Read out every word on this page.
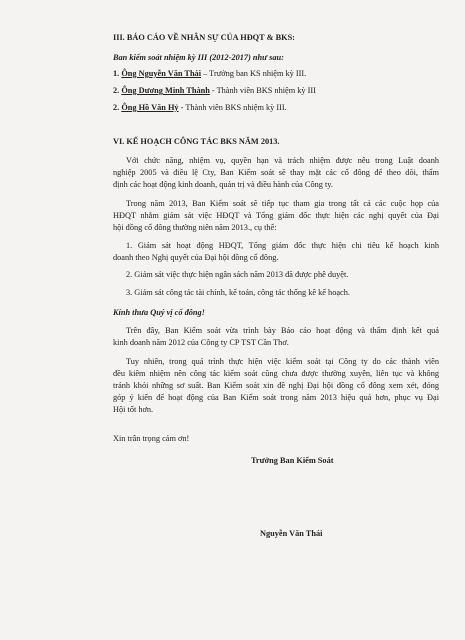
III. BÁO CÁO VỀ NHÂN SỰ CỦA HĐQT & BKS:
Ban kiểm soát nhiệm kỳ III (2012-2017) như sau:
1. Ông Nguyễn Văn Thái – Trưởng ban KS nhiệm kỳ III.
2. Ông Dương Minh Thành - Thành viên BKS nhiệm kỳ III
2. Ông Hồ Văn Hỷ - Thành viên BKS nhiệm kỳ III.
VI. KẾ HOẠCH CÔNG TÁC BKS NĂM 2013.
Với chức năng, nhiệm vụ, quyền hạn và trách nhiệm được nêu trong Luật doanh
nghiệp 2005 và điều lệ Cty, Ban Kiểm soát sẽ thay mặt các cổ đông để theo dõi, thẩm
định các hoạt động kinh doanh, quản trị và điều hành của Công ty.
Trong năm 2013, Ban Kiểm soát sẽ tiếp tục tham gia trong tất cả các cuộc họp của
HĐQT nhằm giám sát việc HĐQT và Tổng giám đốc thực hiện các nghị quyết của Đại
hội đồng cổ đông thường niên năm 2013., cụ thể:
1. Giám sát hoạt động HĐQT, Tổng giám đốc thực hiện chi tiêu kế hoạch kinh
doanh theo Nghị quyết của Đại hội đồng cổ đông.
2. Giám sát việc thực hiện ngân sách năm 2013 đã được phê duyệt.
3. Giám sát công tác tài chính, kế toán, công tác thống kê kế hoạch.
Kính thưa Quý vị cổ đông!
Trên đây, Ban Kiểm soát vừa trình bày Báo cáo hoạt động và thẩm định kết quả
kinh doanh năm 2012 của Công ty CP TST Cần Thơ.
Tuy nhiên, trong quá trình thực hiện việc kiểm soát tại Công ty do các thành viên
đều kiêm nhiệm nên công tác kiểm soát cũng chưa được thường xuyên, liên tục và không
tránh khỏi những sơ suất. Ban Kiểm soát xin đề nghị Đại hội đồng cổ đông xem xét, đóng
góp ý kiến để hoạt động của Ban Kiểm soát trong năm 2013 hiệu quả hơn, phục vụ Đại
Hội tốt hơn.
Xin trân trọng cảm ơn!
Trưởng Ban Kiểm Soát
Nguyễn Văn Thái
